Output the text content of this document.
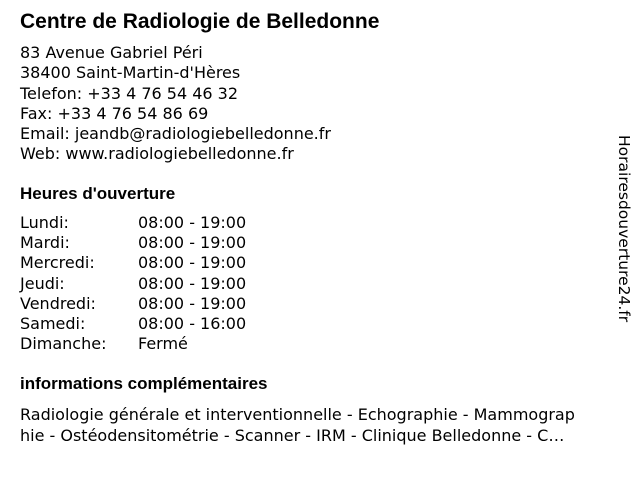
Centre de Radiologie de Belledonne
83 Avenue Gabriel Péri
38400 Saint-Martin-d'Hères
Telefon: +33 4 76 54 46 32
Fax: +33 4 76 54 86 69
Email: jeandb@radiologiebelledonne.fr
Web: www.radiologiebelledonne.fr
Heures d'ouverture
Lundi:	08:00 - 19:00
Mardi:	08:00 - 19:00
Mercredi:	08:00 - 19:00
Jeudi:	08:00 - 19:00
Vendredi:	08:00 - 19:00
Samedi:	08:00 - 16:00
Dimanche: Fermé
informations complémentaires
Radiologie générale et interventionnelle - Echographie - Mammograp
hie - Ostéodensitométrie - Scanner - IRM - Clinique Belledonne - C…
Horairesdouverture24.fr
